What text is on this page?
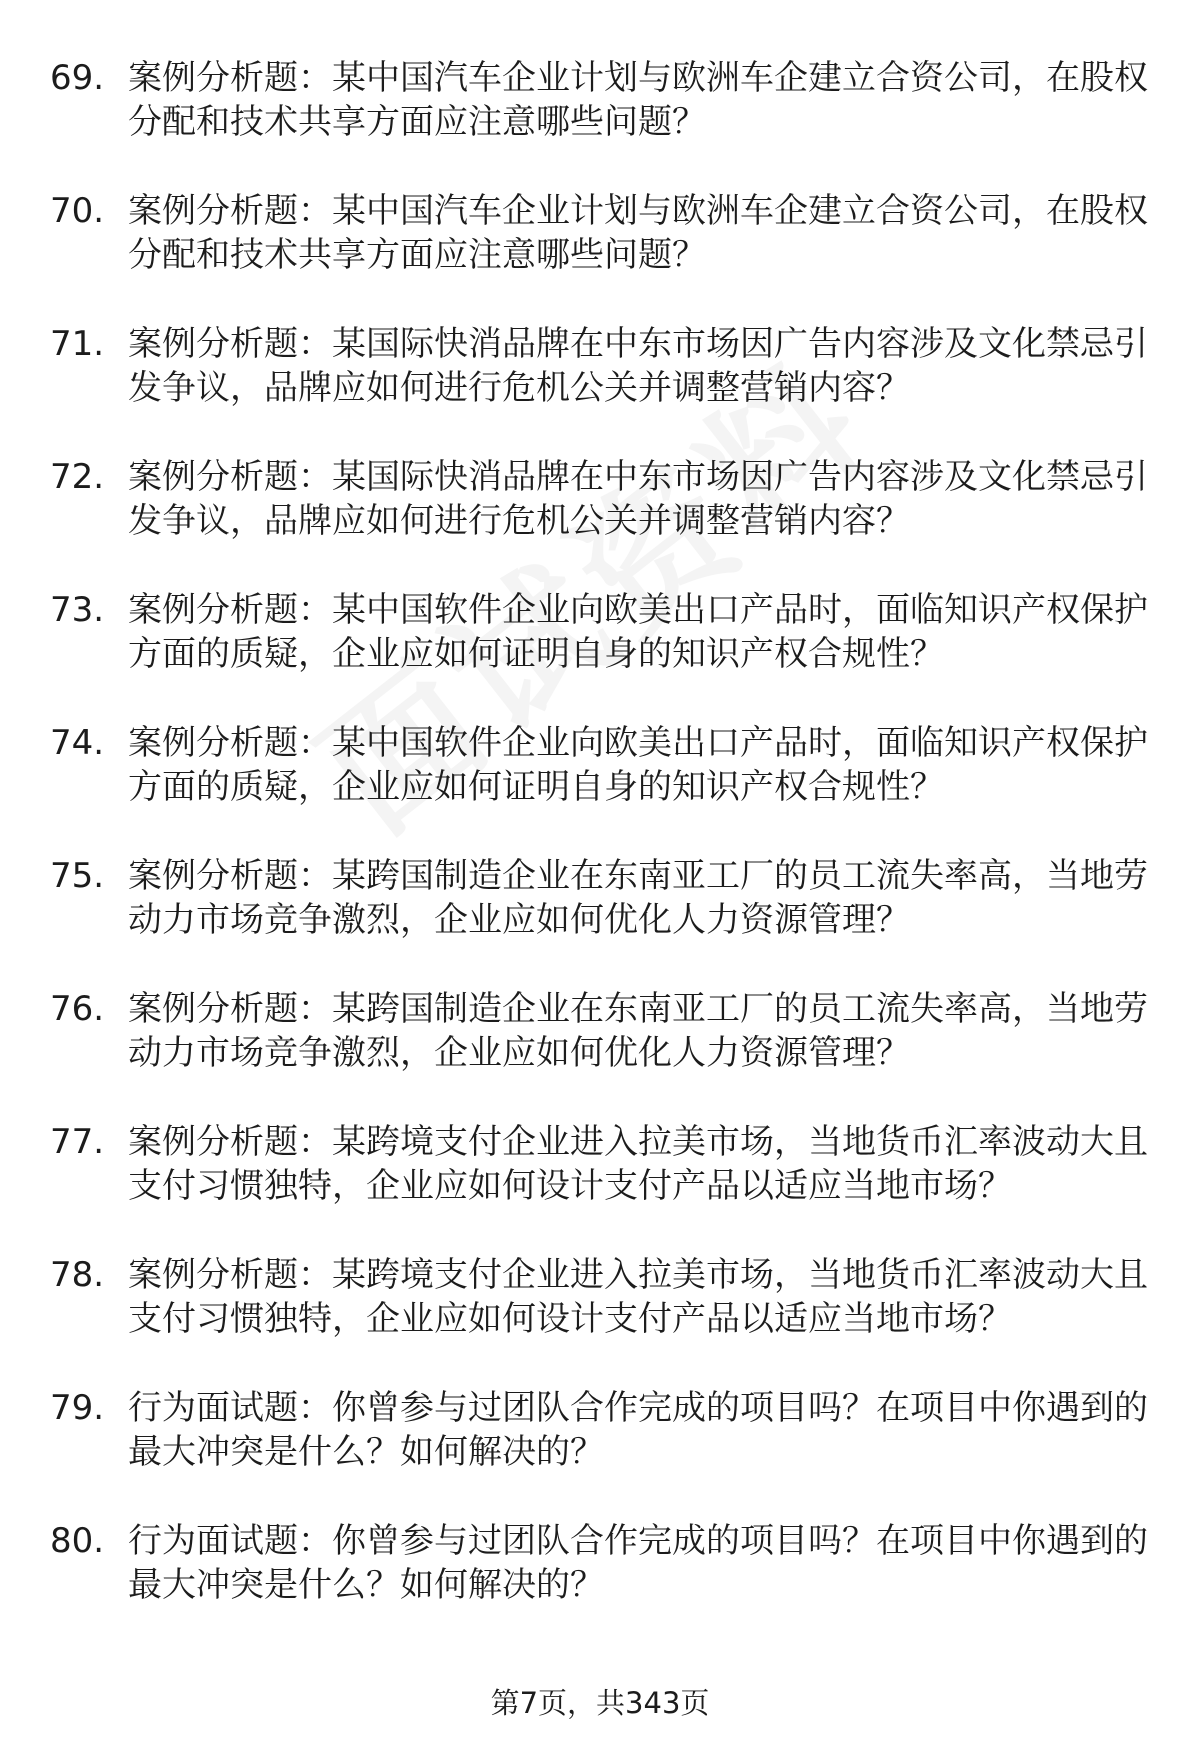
69. 案例分析题：某中国汽车企业计划与欧洲车企建立合资公司，在股权分配和技术共享方面应注意哪些问题？
70. 案例分析题：某中国汽车企业计划与欧洲车企建立合资公司，在股权分配和技术共享方面应注意哪些问题？
71. 案例分析题：某国际快消品牌在中东市场因广告内容涉及文化禁忌引发争议，品牌应如何进行危机公关并调整营销内容？
72. 案例分析题：某国际快消品牌在中东市场因广告内容涉及文化禁忌引发争议，品牌应如何进行危机公关并调整营销内容？
73. 案例分析题：某中国软件企业向欧美出口产品时，面临知识产权保护方面的质疑，企业应如何证明自身的知识产权合规性？
74. 案例分析题：某中国软件企业向欧美出口产品时，面临知识产权保护方面的质疑，企业应如何证明自身的知识产权合规性？
75. 案例分析题：某跨国制造企业在东南亚工厂的员工流失率高，当地劳动力市场竞争激烈，企业应如何优化人力资源管理？
76. 案例分析题：某跨国制造企业在东南亚工厂的员工流失率高，当地劳动力市场竞争激烈，企业应如何优化人力资源管理？
77. 案例分析题：某跨境支付企业进入拉美市场，当地货币汇率波动大且支付习惯独特，企业应如何设计支付产品以适应当地市场？
78. 案例分析题：某跨境支付企业进入拉美市场，当地货币汇率波动大且支付习惯独特，企业应如何设计支付产品以适应当地市场？
79. 行为面试题：你曾参与过团队合作完成的项目吗？在项目中你遇到的最大冲突是什么？如何解决的？
80. 行为面试题：你曾参与过团队合作完成的项目吗？在项目中你遇到的最大冲突是什么？如何解决的？
第7页，共343页
